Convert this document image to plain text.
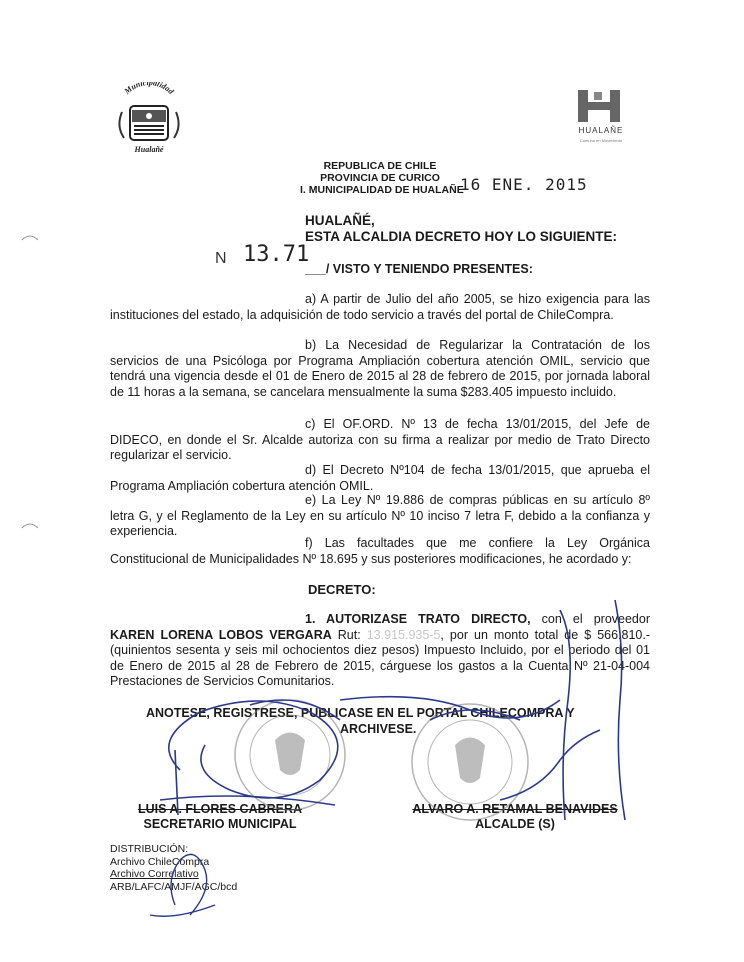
Municipalidad
Hualañé
HUALAÑE
Comuna en Movimiento
REPUBLICA DE CHILE
PROVINCIA DE CURICO
I. MUNICIPALIDAD DE HUALAÑE
16 ENE. 2015
HUALAÑÉ,
ESTA ALCALDIA DECRETO HOY LO SIGUIENTE:
N 13.71
___/ VISTO Y TENIENDO PRESENTES:

a) A partir de Julio del año 2005, se hizo exigencia para las instituciones del estado, la adquisición de todo servicio a través del portal de ChileCompra.

b) La Necesidad de Regularizar la Contratación de los servicios de una Psicóloga por Programa Ampliación cobertura atención OMIL, servicio que tendrá una vigencia desde el 01 de Enero de 2015 al 28 de febrero de 2015, por jornada laboral de 11 horas a la semana, se cancelara mensualmente la suma $283.405 impuesto incluido.

c) El OF.ORD. Nº 13 de fecha 13/01/2015, del Jefe de DIDECO, en donde el Sr. Alcalde autoriza con su firma a realizar por medio de Trato Directo regularizar el servicio.

d) El Decreto Nº104 de fecha 13/01/2015, que aprueba el Programa Ampliación cobertura atención OMIL.

e) La Ley Nº 19.886 de compras públicas en su artículo 8º letra G, y el Reglamento de la Ley en su artículo Nº 10 inciso 7 letra F, debido a la confianza y experiencia.

f) Las facultades que me confiere la Ley Orgánica Constitucional de Municipalidades Nº 18.695 y sus posteriores modificaciones, he acordado y:

DECRETO:

1. AUTORIZASE TRATO DIRECTO, con el proveedor KAREN LORENA LOBOS VERGARA Rut: 13.915.935-5, por un monto total de $ 566.810.- (quinientos sesenta y seis mil ochocientos diez pesos) Impuesto Incluido, por el periodo del 01 de Enero de 2015 al 28 de Febrero de 2015, cárguese los gastos a la Cuenta Nº 21-04-004 Prestaciones de Servicios Comunitarios.

ANOTESE, REGISTRESE, PUBLICASE EN EL PORTAL CHILECOMPRA Y
ARCHIVESE.
LUIS A. FLORES CABRERA
SECRETARIO MUNICIPAL
ALVARO A. RETAMAL BENAVIDES
ALCALDE (S)
DISTRIBUCIÓN:
Archivo ChileCompra
Archivo Correlativo
ARB/LAFC/AMJF/AGC/bcd
